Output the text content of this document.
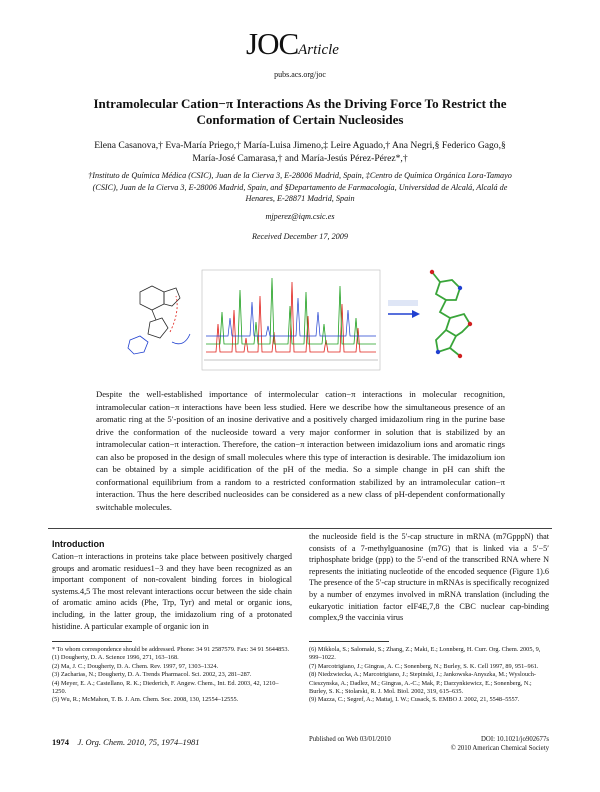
JOCArticle
pubs.acs.org/joc
Intramolecular Cation−π Interactions As the Driving Force To Restrict the Conformation of Certain Nucleosides
Elena Casanova,† Eva-María Priego,† María-Luisa Jimeno,‡ Leire Aguado,† Ana Negri,§ Federico Gago,§ María-José Camarasa,† and María-Jesús Pérez-Pérez*,†
†Instituto de Química Médica (CSIC), Juan de la Cierva 3, E-28006 Madrid, Spain, ‡Centro de Química Orgánica Lora-Tamayo (CSIC), Juan de la Cierva 3, E-28006 Madrid, Spain, and §Departamento de Farmacología, Universidad de Alcalá, Alcalá de Henares, E-28871 Madrid, Spain
mjperez@iqm.csic.es
Received December 17, 2009
Despite the well-established importance of intermolecular cation−π interactions in molecular recognition, intramolecular cation−π interactions have been less studied. Here we describe how the simultaneous presence of an aromatic ring at the 5′-position of an inosine derivative and a positively charged imidazolium ring in the purine base drive the conformation of the nucleoside toward a very major conformer in solution that is stabilized by an intramolecular cation−π interaction. Therefore, the cation−π interaction between imidazolium ions and aromatic rings can also be proposed in the design of small molecules where this type of interaction is desirable. The imidazolium ion can be obtained by a simple acidification of the pH of the media. So a simple change in pH can shift the conformational equilibrium from a random to a restricted conformation stabilized by an intramolecular cation−π interaction. Thus the here described nucleosides can be considered as a new class of pH-dependent conformationally switchable molecules.
Introduction
Cation−π interactions in proteins take place between positively charged groups and aromatic residues1−3 and they have been recognized as an important component of non-covalent binding forces in biological systems.4,5 The most relevant interactions occur between the side chain of aromatic amino acids (Phe, Trp, Tyr) and metal or organic ions, including, in the latter group, the imidazolium ring of a protonated histidine. A particular example of organic ion in
the nucleoside field is the 5′-cap structure in mRNA (m7GpppN) that consists of a 7-methylguanosine (m7G) that is linked via a 5′−5′ triphosphate bridge (ppp) to the 5′-end of the transcribed RNA where N represents the initiating nucleotide of the encoded sequence (Figure 1).6 The presence of the 5′-cap structure in mRNAs is specifically recognized by a number of enzymes involved in mRNA translation (including the eukaryotic initiation factor eIF4E,7,8 the CBC nuclear cap-binding complex,9 the vaccinia virus
* To whom correspondence should be addressed. Phone: 34 91 2587579. Fax: 34 91 5644853.
(1) Dougherty, D. A. Science 1996, 271, 163–168.
(2) Ma, J. C.; Dougherty, D. A. Chem. Rev. 1997, 97, 1303–1324.
(3) Zacharias, N.; Dougherty, D. A. Trends Pharmacol. Sci. 2002, 23, 281–287.
(4) Meyer, E. A.; Castellano, R. K.; Diederich, F. Angew. Chem., Int. Ed. 2003, 42, 1210–1250.
(5) Wu, R.; McMahon, T. B. J. Am. Chem. Soc. 2008, 130, 12554–12555.
(6) Mikkola, S.; Salomaki, S.; Zhang, Z.; Maki, E.; Lonnberg, H. Curr. Org. Chem. 2005, 9, 999–1022.
(7) Marcotrigiano, J.; Gingras, A. C.; Sonenberg, N.; Burley, S. K. Cell 1997, 89, 951–961.
(8) Niedzwiecka, A.; Marcotrigiano, J.; Stepinski, J.; Jankowska-Anyszka, M.; Wyslouch-Cieszynska, A.; Dadlez, M.; Gingras, A.-C.; Mak, P.; Darzynkiewicz, E.; Sonenberg, N.; Burley, S. K.; Stolarski, R. J. Mol. Biol. 2002, 319, 615–635.
(9) Mazza, C.; Segref, A.; Mattaj, I. W.; Cusack, S. EMBO J. 2002, 21, 5548–5557.
1974 J. Org. Chem. 2010, 75, 1974–1981	Published on Web 03/01/2010	DOI: 10.1021/jo902677s
© 2010 American Chemical Society
